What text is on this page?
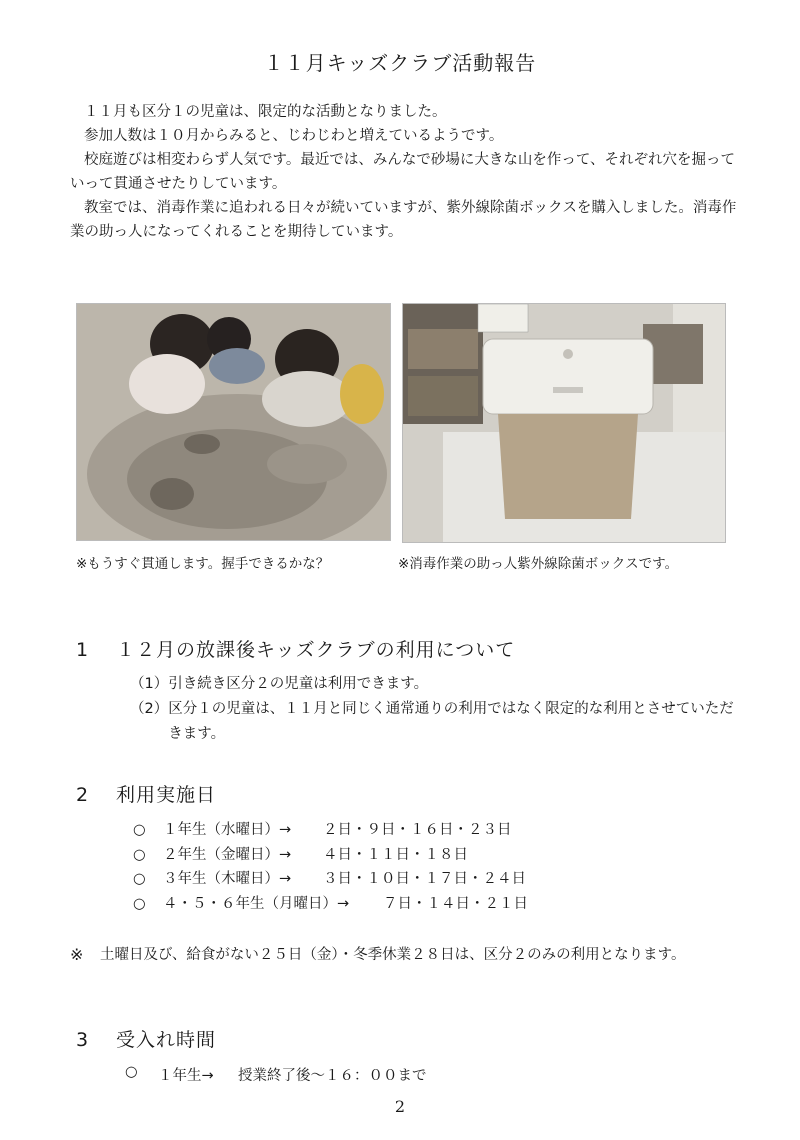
１１月キッズクラブ活動報告

１１月も区分１の児童は、限定的な活動となりました。

参加人数は１０月からみると、じわじわと増えているようです。

校庭遊びは相変わらず人気です。最近では、みんなで砂場に大きな山を作って、それぞれ穴を掘っていって貫通させたりしています。

教室では、消毒作業に追われる日々が続いていますが、紫外線除菌ボックスを購入しました。消毒作業の助っ人になってくれることを期待しています。

※もうすぐ貫通します。握手できるかな？	※消毒作業の助っ人紫外線除菌ボックスです。
1 １２月の放課後キッズクラブの利用について
（1） 引き続き区分２の児童は利用できます。
（2） 区分１の児童は、１１月と同じく通常通りの利用ではなく限定的な利用とさせていただきます。
2 利用実施日
○	１年生（水曜日）→	２日・９日・１６日・２３日
○	２年生（金曜日）→	４日・１１日・１８日
○	３年生（木曜日）→	３日・１０日・１７日・２４日
○	４・５・６年生（月曜日）→	７日・１４日・２１日
※	土曜日及び、給食がない２５日（金）・冬季休業２８日は、区分２のみの利用となります。
3 受入れ時間
○	１年生→	授業終了後～１６：００まで
2
